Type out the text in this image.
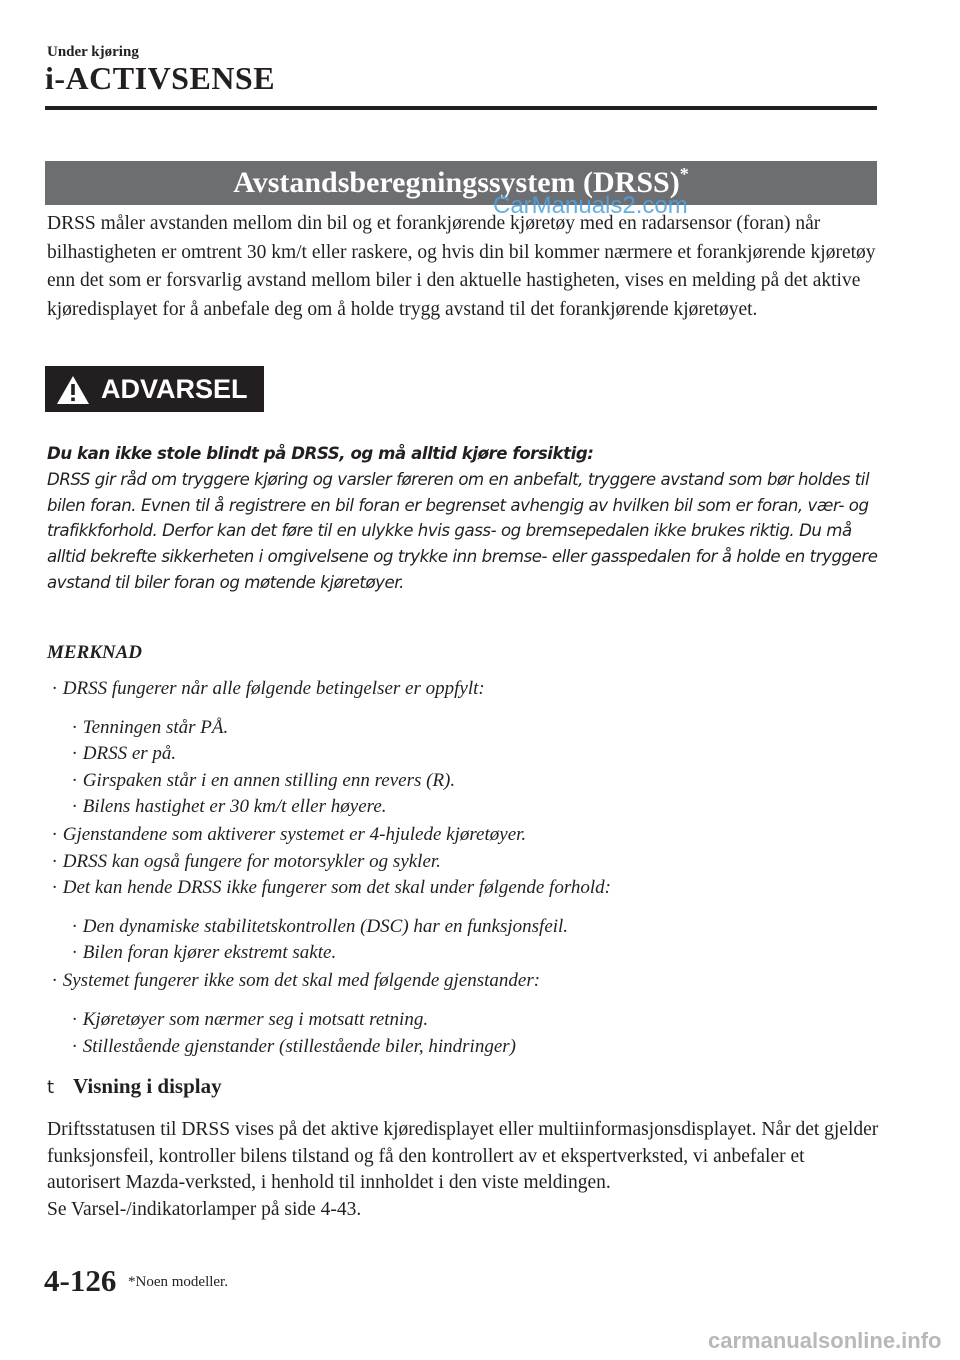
Under kjøring
i-ACTIVSENSE
Avstandsberegningssystem (DRSS)*
CarManuals2.com
DRSS måler avstanden mellom din bil og et forankjørende kjøretøy med en radarsensor (foran) når bilhastigheten er omtrent 30 km/t eller raskere, og hvis din bil kommer nærmere et forankjørende kjøretøy enn det som er forsvarlig avstand mellom biler i den aktuelle hastigheten, vises en melding på det aktive kjøredisplayet for å anbefale deg om å holde trygg avstand til det forankjørende kjøretøyet.
ADVARSEL

Du kan ikke stole blindt på DRSS, og må alltid kjøre forsiktig:

DRSS gir råd om tryggere kjøring og varsler føreren om en anbefalt, tryggere avstand som bør holdes til bilen foran. Evnen til å registrere en bil foran er begrenset avhengig av hvilken bil som er foran, vær- og trafikkforhold. Derfor kan det føre til en ulykke hvis gass- og bremsepedalen ikke brukes riktig. Du må alltid bekrefte sikkerheten i omgivelsene og trykke inn bremse- eller gasspedalen for å holde en tryggere avstand til biler foran og møtende kjøretøyer.

MERKNAD
· DRSS fungerer når alle følgende betingelser er oppfylt:
· Tenningen står PÅ.
· DRSS er på.
· Girspaken står i en annen stilling enn revers (R).
· Bilens hastighet er 30 km/t eller høyere.
· Gjenstandene som aktiverer systemet er 4-hjulede kjøretøyer.
· DRSS kan også fungere for motorsykler og sykler.
· Det kan hende DRSS ikke fungerer som det skal under følgende forhold:
· Den dynamiske stabilitetskontrollen (DSC) har en funksjonsfeil.
· Bilen foran kjører ekstremt sakte.
· Systemet fungerer ikke som det skal med følgende gjenstander:
· Kjøretøyer som nærmer seg i motsatt retning.
· Stillestående gjenstander (stillestående biler, hindringer)
t Visning i display

Driftsstatusen til DRSS vises på det aktive kjøredisplayet eller multiinformasjonsdisplayet. Når det gjelder funksjonsfeil, kontroller bilens tilstand og få den kontrollert av et ekspertverksted, vi anbefaler et autorisert Mazda-verksted, i henhold til innholdet i den viste meldingen.

Se Varsel-/indikatorlamper på side 4-43.

4-126 *Noen modeller.
carmanualsonline.info
